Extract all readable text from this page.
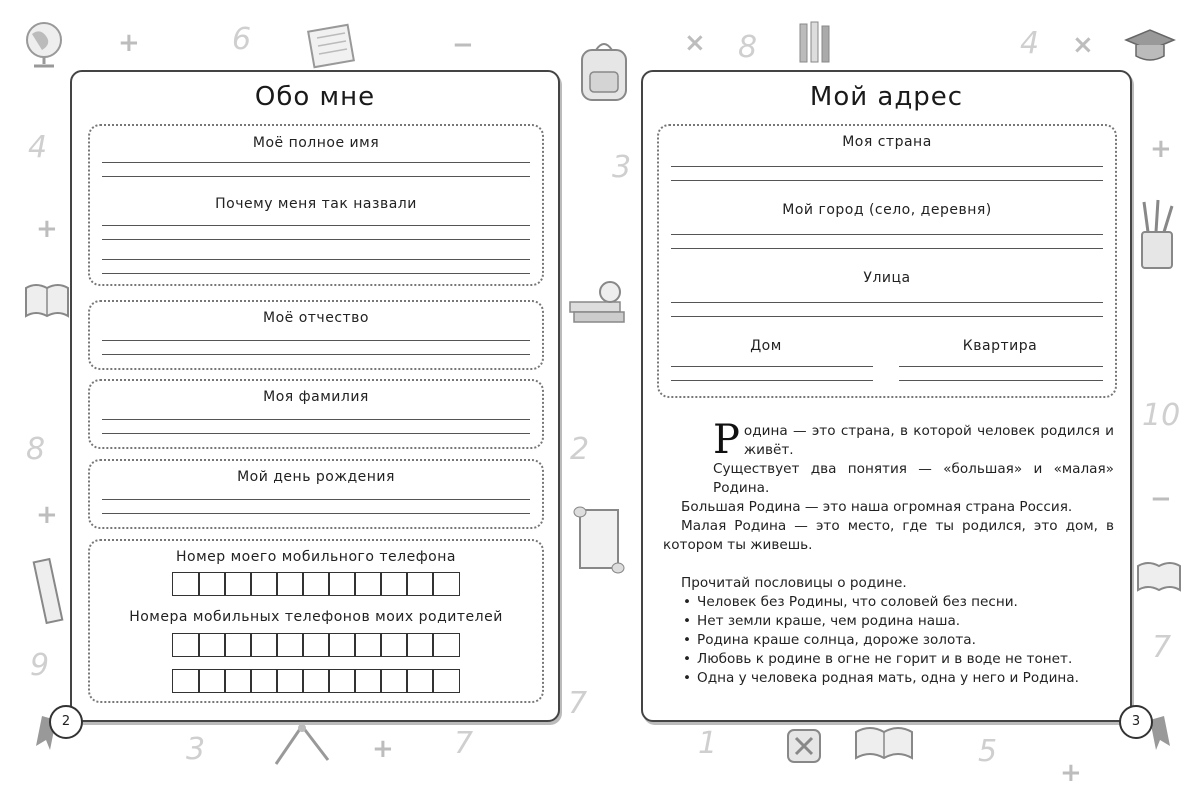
6
4
8
9
3	7
2
3
7
1	5
8	4
10
7
+
+
×
+
−	×
+
+
−
+
Обо мне
Моё полное имя
Почему меня так назвали
Моё отчество
Моя фамилия
Мой день рождения
Номер моего мобильного телефона
Номера мобильных телефонов моих родителей
2
Мой адрес
Моя страна
Мой город (село, деревня)
Улица
Дом	Квартира

Родина — это страна, в которой человек родился и живёт.

Существует два понятия — «большая» и «малая» Родина.

Большая Родина — это наша огромная страна Россия.

Малая Родина — это место, где ты родился, это дом, в котором ты живешь.

Прочитай пословицы о родине.

• Человек без Родины, что соловей без песни.
• Нет земли краше, чем родина наша.
• Родина краше солнца, дороже золота.
• Любовь к родине в огне не горит и в воде не тонет.
• Одна у человека родная мать, одна у него и Родина.
3
